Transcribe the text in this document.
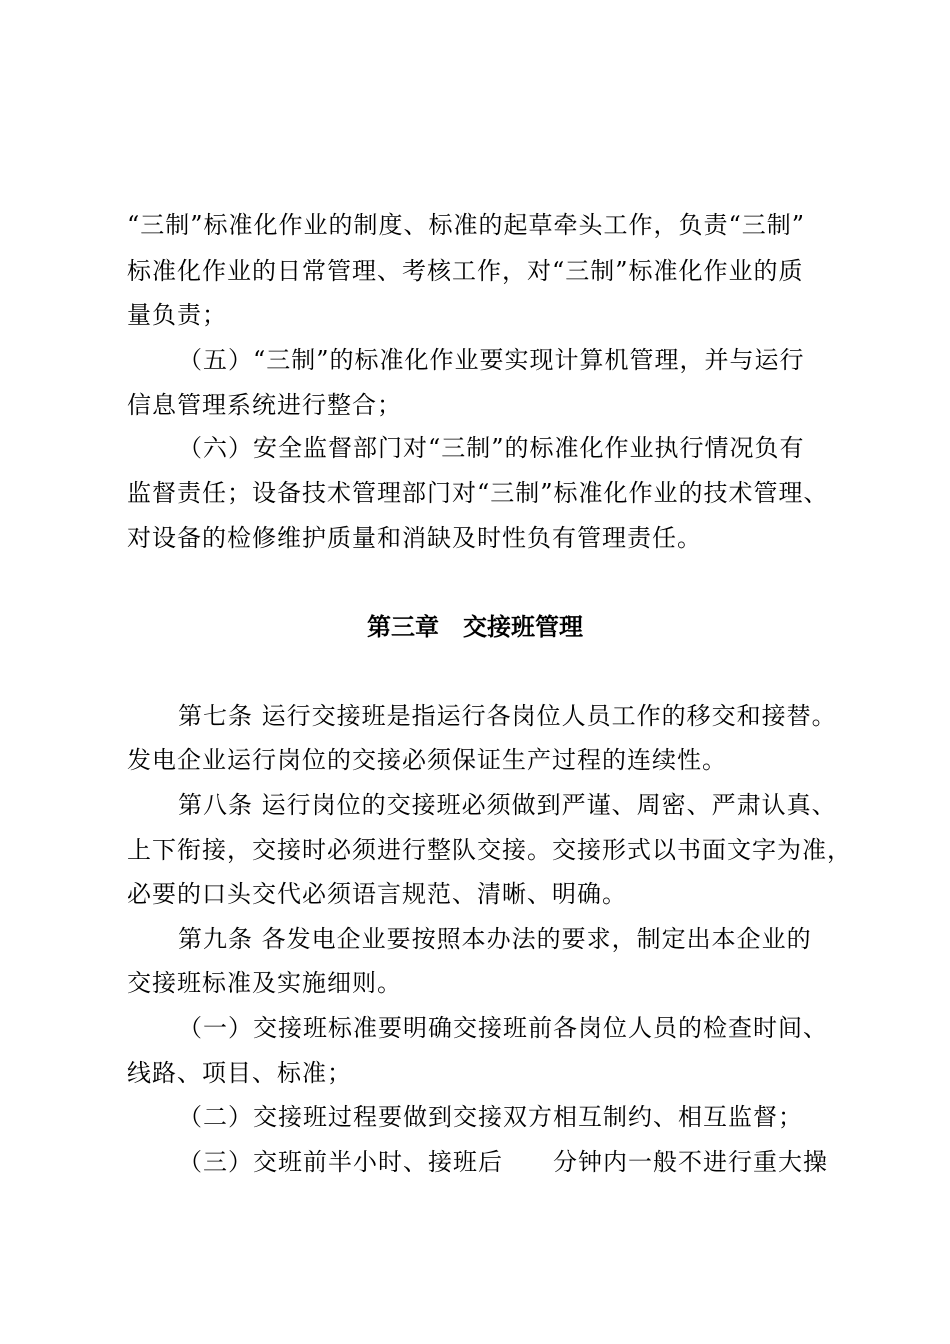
“三制”标准化作业的制度、标准的起草牵头工作，负责“三制”
标准化作业的日常管理、考核工作，对“三制”标准化作业的质
量负责；
（五）“三制”的标准化作业要实现计算机管理，并与运行
信息管理系统进行整合；
（六）安全监督部门对“三制”的标准化作业执行情况负有
监督责任；设备技术管理部门对“三制”标准化作业的技术管理、
对设备的检修维护质量和消缺及时性负有管理责任。
第三章　交接班管理
第七条 运行交接班是指运行各岗位人员工作的移交和接替。
发电企业运行岗位的交接必须保证生产过程的连续性。
第八条 运行岗位的交接班必须做到严谨、周密、严肃认真、
上下衔接，交接时必须进行整队交接。交接形式以书面文字为准，
必要的口头交代必须语言规范、清晰、明确。
第九条 各发电企业要按照本办法的要求，制定出本企业的
交接班标准及实施细则。
（一）交接班标准要明确交接班前各岗位人员的检查时间、
线路、项目、标准；
（二）交接班过程要做到交接双方相互制约、相互监督；
（三）交班前半小时、接班后　　分钟内一般不进行重大操
